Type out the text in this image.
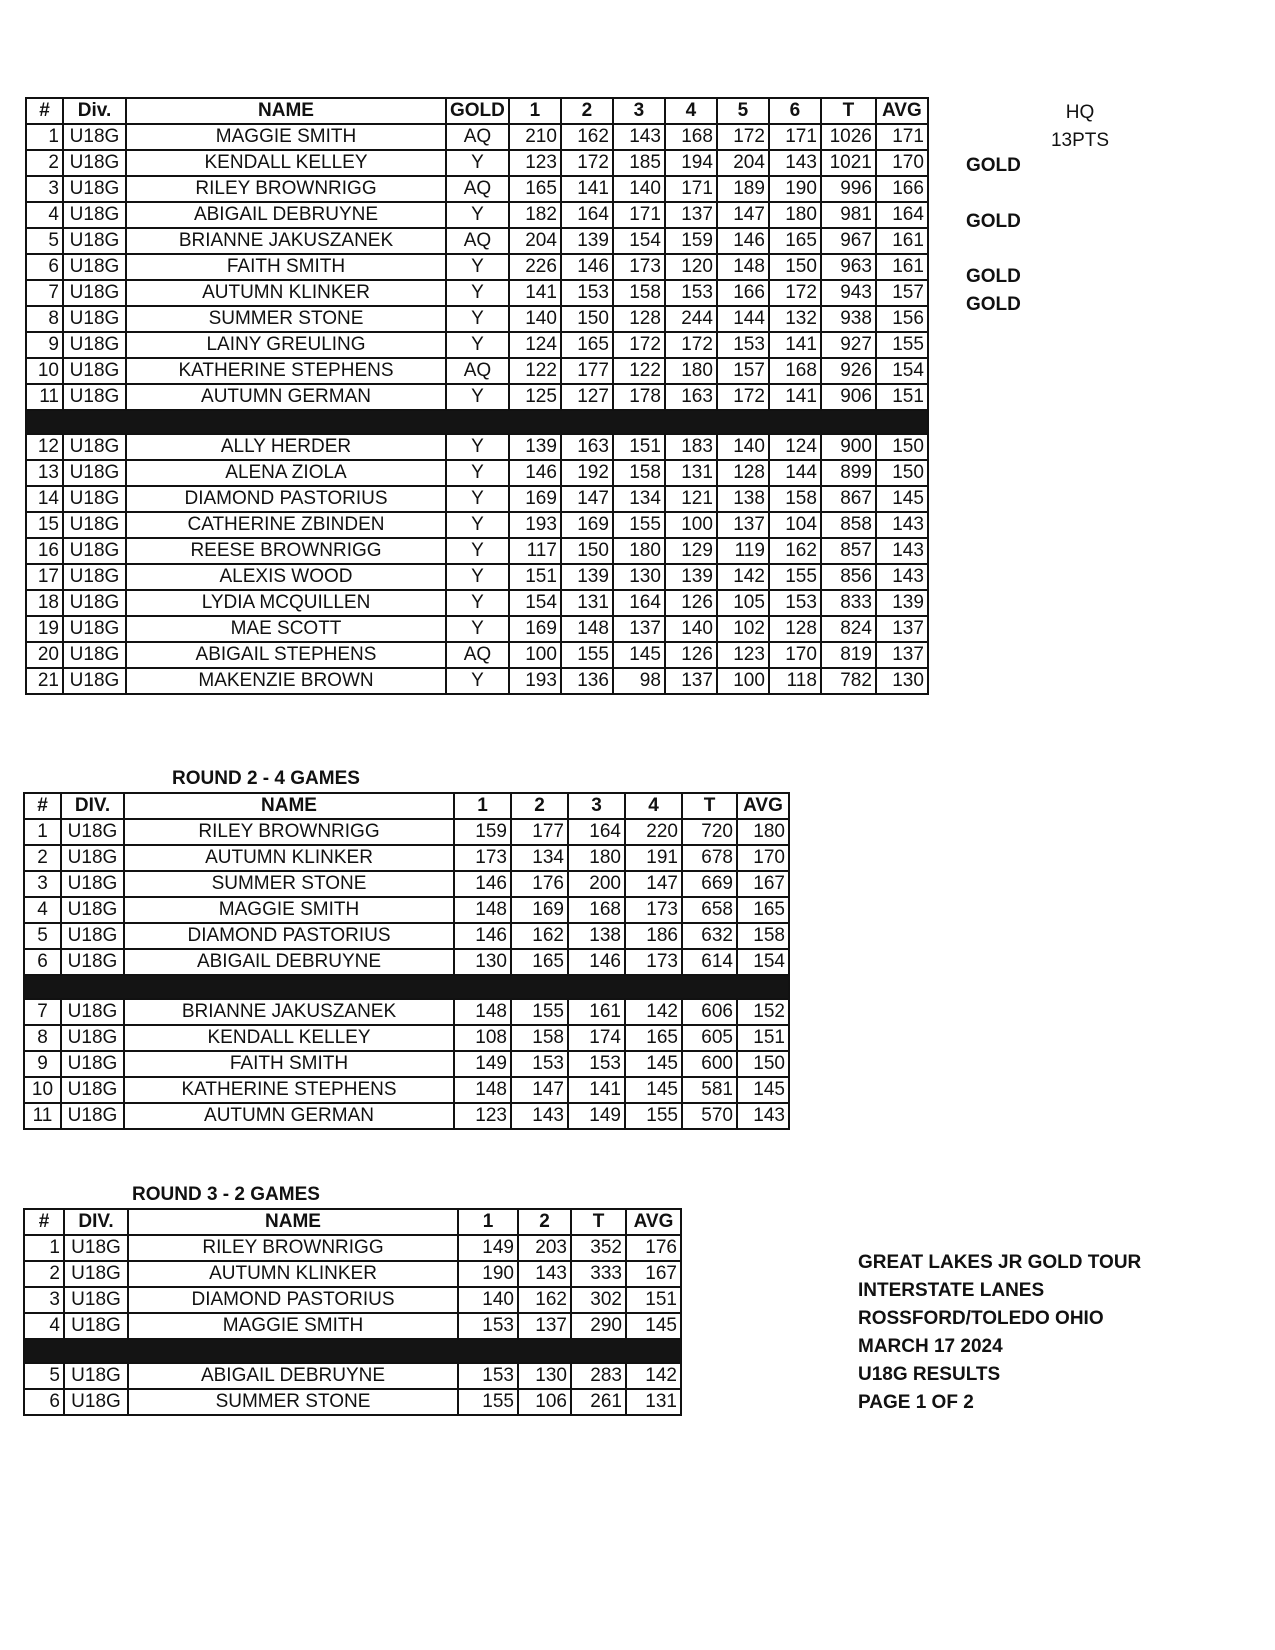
#	Div.	NAME	GOLD	1	2	3	4	5	6	T	AVG
1	U18G	MAGGIE SMITH	AQ	210	162	143	168	172	171	1026	171
2	U18G	KENDALL KELLEY	Y	123	172	185	194	204	143	1021	170
3	U18G	RILEY BROWNRIGG	AQ	165	141	140	171	189	190	996	166
4	U18G	ABIGAIL DEBRUYNE	Y	182	164	171	137	147	180	981	164
5	U18G	BRIANNE JAKUSZANEK	AQ	204	139	154	159	146	165	967	161
6	U18G	FAITH SMITH	Y	226	146	173	120	148	150	963	161
7	U18G	AUTUMN KLINKER	Y	141	153	158	153	166	172	943	157
8	U18G	SUMMER STONE	Y	140	150	128	244	144	132	938	156
9	U18G	LAINY GREULING	Y	124	165	172	172	153	141	927	155
10	U18G	KATHERINE STEPHENS	AQ	122	177	122	180	157	168	926	154
11	U18G	AUTUMN GERMAN	Y	125	127	178	163	172	141	906	151

12	U18G	ALLY HERDER	Y	139	163	151	183	140	124	900	150
13	U18G	ALENA ZIOLA	Y	146	192	158	131	128	144	899	150
14	U18G	DIAMOND PASTORIUS	Y	169	147	134	121	138	158	867	145
15	U18G	CATHERINE ZBINDEN	Y	193	169	155	100	137	104	858	143
16	U18G	REESE BROWNRIGG	Y	117	150	180	129	119	162	857	143
17	U18G	ALEXIS WOOD	Y	151	139	130	139	142	155	856	143
18	U18G	LYDIA MCQUILLEN	Y	154	131	164	126	105	153	833	139
19	U18G	MAE SCOTT	Y	169	148	137	140	102	128	824	137
20	U18G	ABIGAIL STEPHENS	AQ	100	155	145	126	123	170	819	137
21	U18G	MAKENZIE BROWN	Y	193	136	98	137	100	118	782	130
GOLD
GOLD
GOLD
GOLD
HQ
13PTS
ROUND 2 - 4 GAMES
#	DIV.	NAME	1	2	3	4	T	AVG
1	U18G	RILEY BROWNRIGG	159	177	164	220	720	180
2	U18G	AUTUMN KLINKER	173	134	180	191	678	170
3	U18G	SUMMER STONE	146	176	200	147	669	167
4	U18G	MAGGIE SMITH	148	169	168	173	658	165
5	U18G	DIAMOND PASTORIUS	146	162	138	186	632	158
6	U18G	ABIGAIL DEBRUYNE	130	165	146	173	614	154

7	U18G	BRIANNE JAKUSZANEK	148	155	161	142	606	152
8	U18G	KENDALL KELLEY	108	158	174	165	605	151
9	U18G	FAITH SMITH	149	153	153	145	600	150
10	U18G	KATHERINE STEPHENS	148	147	141	145	581	145
11	U18G	AUTUMN GERMAN	123	143	149	155	570	143
ROUND 3 - 2 GAMES
#	DIV.	NAME	1	2	T	AVG
1	U18G	RILEY BROWNRIGG	149	203	352	176
2	U18G	AUTUMN KLINKER	190	143	333	167
3	U18G	DIAMOND PASTORIUS	140	162	302	151
4	U18G	MAGGIE SMITH	153	137	290	145

5	U18G	ABIGAIL DEBRUYNE	153	130	283	142
6	U18G	SUMMER STONE	155	106	261	131
GREAT LAKES JR GOLD TOUR
INTERSTATE LANES
ROSSFORD/TOLEDO OHIO
MARCH 17 2024
U18G RESULTS
PAGE 1 OF 2
